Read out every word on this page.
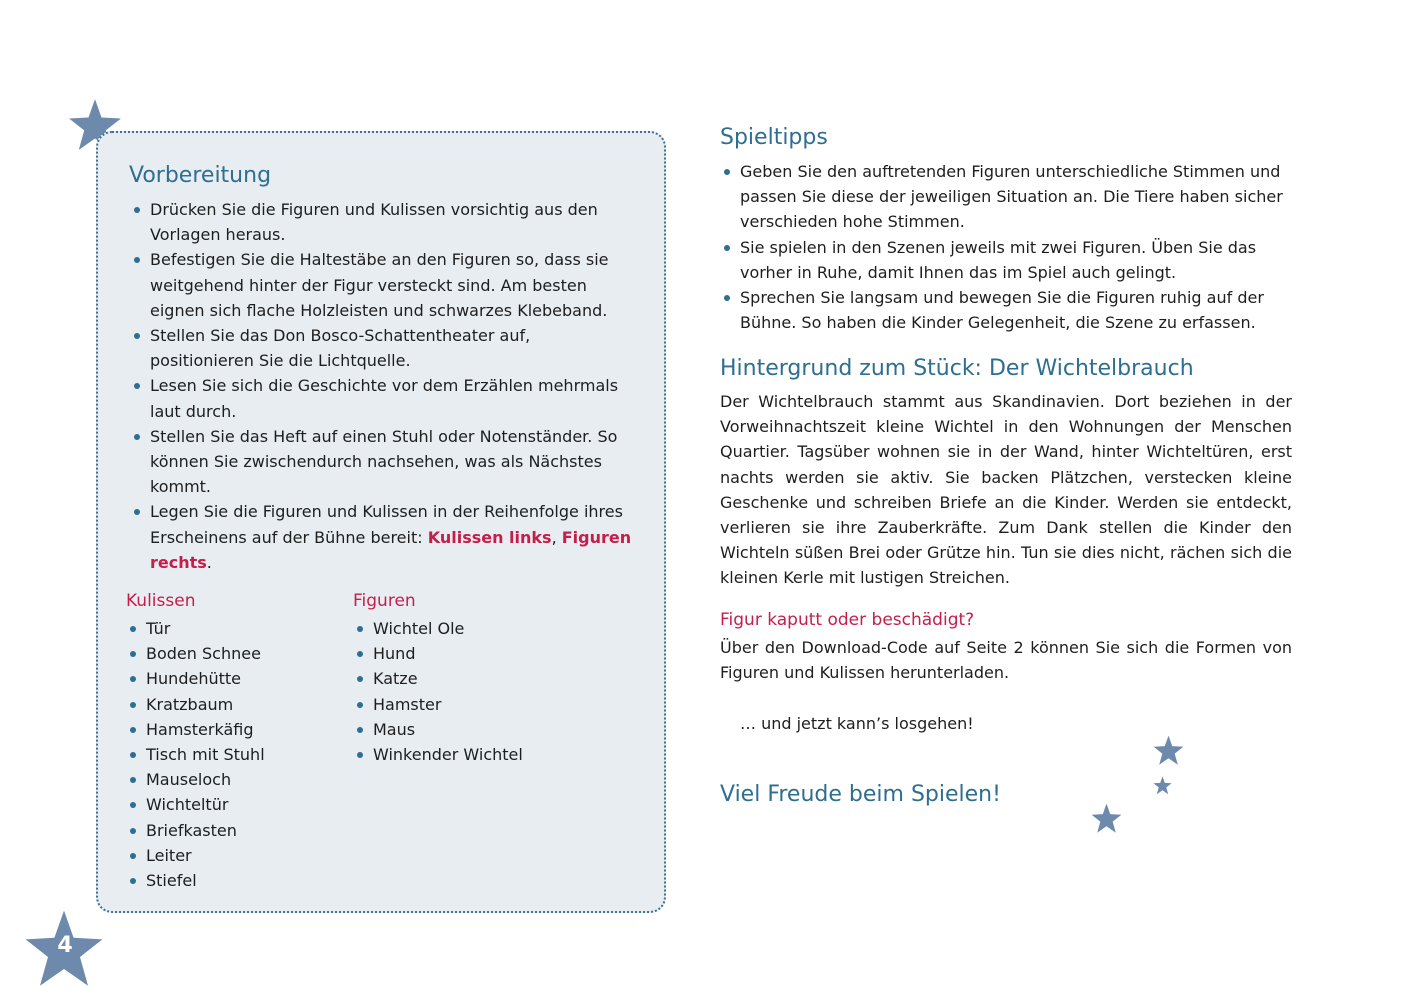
4
Vorbereitung
Drücken Sie die Figuren und Kulissen vorsichtig aus den Vorlagen heraus.
Befestigen Sie die Haltestäbe an den Figuren so, dass sie weitgehend hinter der Figur versteckt sind. Am besten eignen sich flache Holzleisten und schwarzes Klebeband.
Stellen Sie das Don Bosco-Schattentheater auf, positionieren Sie die Lichtquelle.
Lesen Sie sich die Geschichte vor dem Erzählen mehrmals laut durch.
Stellen Sie das Heft auf einen Stuhl oder Notenständer. So können Sie zwischendurch nachsehen, was als Nächstes kommt.
Legen Sie die Figuren und Kulissen in der Reihenfolge ihres Erscheinens auf der Bühne bereit: Kulissen links, Figuren rechts.
Kulissen
Tür
Boden Schnee
Hundehütte
Kratzbaum
Hamsterkäfig
Tisch mit Stuhl
Mauseloch
Wichteltür
Briefkasten
Leiter
Stiefel
Figuren
Wichtel Ole
Hund
Katze
Hamster
Maus
Winkender Wichtel
Spieltipps
Geben Sie den auftretenden Figuren unterschiedliche Stimmen und passen Sie diese der jeweiligen Situation an. Die Tiere haben sicher verschieden hohe Stimmen.
Sie spielen in den Szenen jeweils mit zwei Figuren. Üben Sie das vorher in Ruhe, damit Ihnen das im Spiel auch gelingt.
Sprechen Sie langsam und bewegen Sie die Figuren ruhig auf der Bühne. So haben die Kinder Gelegenheit, die Szene zu erfassen.
Hintergrund zum Stück: Der Wichtelbrauch

Der Wichtelbrauch stammt aus Skandinavien. Dort beziehen in der Vorweihnachtszeit kleine Wichtel in den Wohnungen der Menschen Quartier. Tagsüber wohnen sie in der Wand, hinter Wichteltüren, erst nachts werden sie aktiv. Sie backen Plätzchen, verstecken kleine Geschenke und schreiben Briefe an die Kinder. Werden sie entdeckt, verlieren sie ihre Zauberkräfte. Zum Dank stellen die Kinder den Wichteln süßen Brei oder Grütze hin. Tun sie dies nicht, rächen sich die kleinen Kerle mit lustigen Streichen.

Figur kaputt oder beschädigt?

Über den Download-Code auf Seite 2 können Sie sich die Formen von Figuren und Kulissen herunterladen.

… und jetzt kann’s losgehen!

Viel Freude beim Spielen!
